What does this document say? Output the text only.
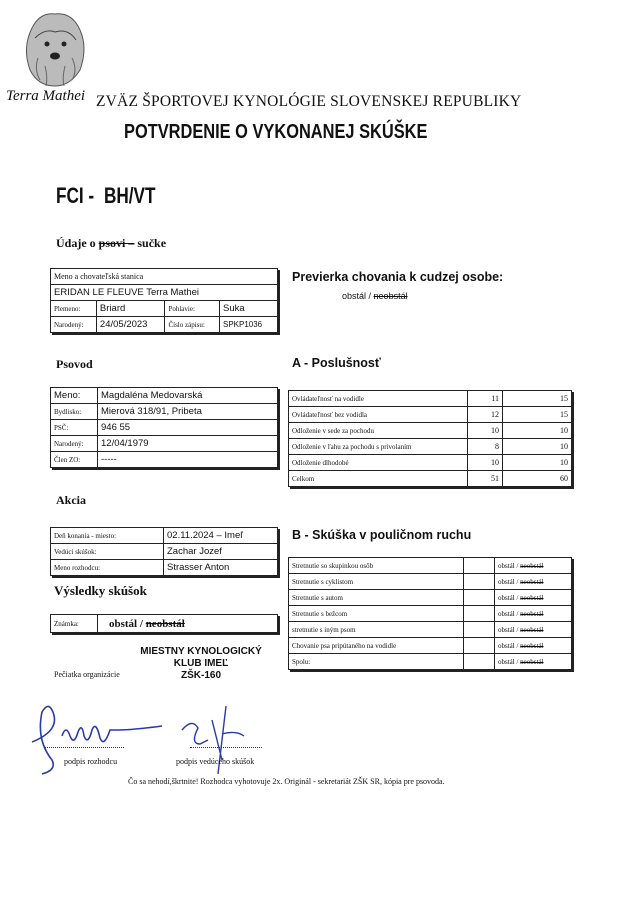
Terra Mathei ZVÄZ ŠPORTOVEJ KYNOLÓGIE SLOVENSKEJ REPUBLIKY
POTVRDENIE O VYKONANEJ SKÚŠKE
FCI - BH/VT
Údaje o psovi – sučke
Meno a chovateľská stanica			
ERIDAN LE FLEUVE Terra Mathei			
Plemeno:	Briard	Pohlavie:	Suka
Narodený:	24/05/2023	Číslo zápisu:	SPKP1036
Psovod
Meno:	Magdaléna Medovarská
Bydlisko:	Mierová 318/91, Pribeta
PSČ:	946 55
Narodený:	12/04/1979
Člen ZO:	-----
Akcia
Deň konania - miesto:	02.11.2024 – Imeľ
Vedúci skúšok:	Zachar Jozef
Meno rozhodcu:	Strasser Anton
Výsledky skúšok
Známka:	obstál / neobstál
MIESTNY KYNOLOGICKÝ
KLUB IMEĽ
ZŠK-160
Pečiatka organizácie
Previerka chovania k cudzej osobe:
obstál / neobstál
A - Poslušnosť
Ovládateľnosť na vodidle	11	15
Ovládateľnosť bez vodidla	12	15
Odloženie v sede za pochodu	10	10
Odloženie v ľahu za pochodu s privolaním	8	10
Odloženie dlhodobé	10	10
Celkom	51	60
B - Skúška v pouličnom ruchu
Stretnutie so skupinkou osôb		obstál / neobstál
Stretnutie s cyklistom		obstál / neobstál
Stretnutie s autom		obstál / neobstál
Stretnutie s bežcom		obstál / neobstál
stretnutie s iným psom		obstál / neobstál
Chovanie psa pripútaného na vodidle		obstál / neobstál
Spolu:		obstál / neobstál
podpis rozhodcu	podpis vedúceho skúšok
Čo sa nehodí,škrtnite! Rozhodca vyhotovuje 2x. Originál - sekretariát ZŠK SR, kópia pre psovoda.
